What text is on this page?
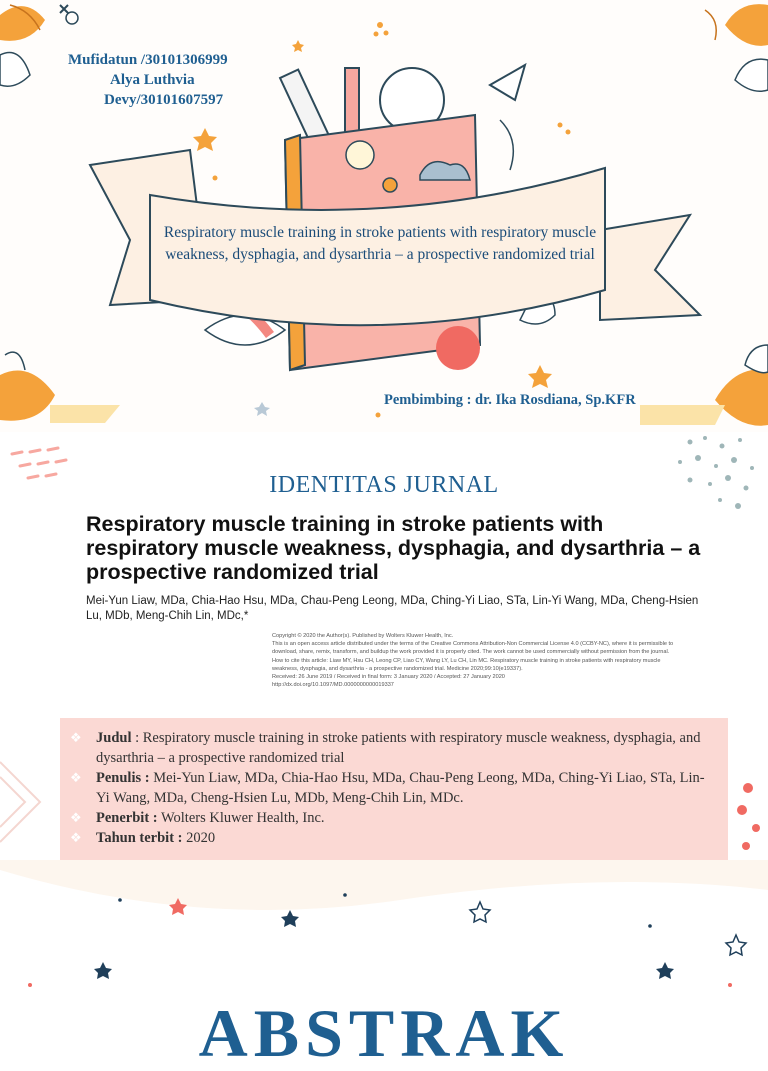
Mufidatun /30101306999
Alya Luthvia
Devy/30101607597
Respiratory muscle training in stroke patients with respiratory muscle weakness, dysphagia, and dysarthria – a prospective randomized trial
Pembimbing : dr. Ika Rosdiana, Sp.KFR
IDENTITAS JURNAL
Respiratory muscle training in stroke patients with respiratory muscle weakness, dysphagia, and dysarthria – a prospective randomized trial
Mei-Yun Liaw, MDa, Chia-Hao Hsu, MDa, Chau-Peng Leong, MDa, Ching-Yi Liao, STa, Lin-Yi Wang, MDa, Cheng-Hsien Lu, MDb, Meng-Chih Lin, MDc,*
Copyright © 2020 the Author(s). Published by Wolters Kluwer Health, Inc.
This is an open access article distributed under the terms of the Creative Commons Attribution-Non Commercial License 4.0 (CCBY-NC), where it is permissible to
download, share, remix, transform, and buildup the work provided it is properly cited. The work cannot be used commercially without permission from the journal.
How to cite this article: Liaw MY, Hsu CH, Leong CP, Liao CY, Wang LY, Lu CH, Lin MC. Respiratory muscle training in stroke patients with respiratory muscle
weakness, dysphagia, and dysarthria - a prospective randomized trial. Medicine 2020;99:10(e19337).
Received: 26 June 2019 / Received in final form: 3 January 2020 / Accepted: 27 January 2020
http://dx.doi.org/10.1097/MD.0000000000019337
❖ Judul : Respiratory muscle training in stroke patients with respiratory muscle weakness, dysphagia, and dysarthria – a prospective randomized trial
❖ Penulis : Mei-Yun Liaw, MDa, Chia-Hao Hsu, MDa, Chau-Peng Leong, MDa, Ching-Yi Liao, STa, Lin-Yi Wang, MDa, Cheng-Hsien Lu, MDb, Meng-Chih Lin, MDc.
❖ Penerbit : Wolters Kluwer Health, Inc.
❖ Tahun terbit : 2020
ABSTRAK
